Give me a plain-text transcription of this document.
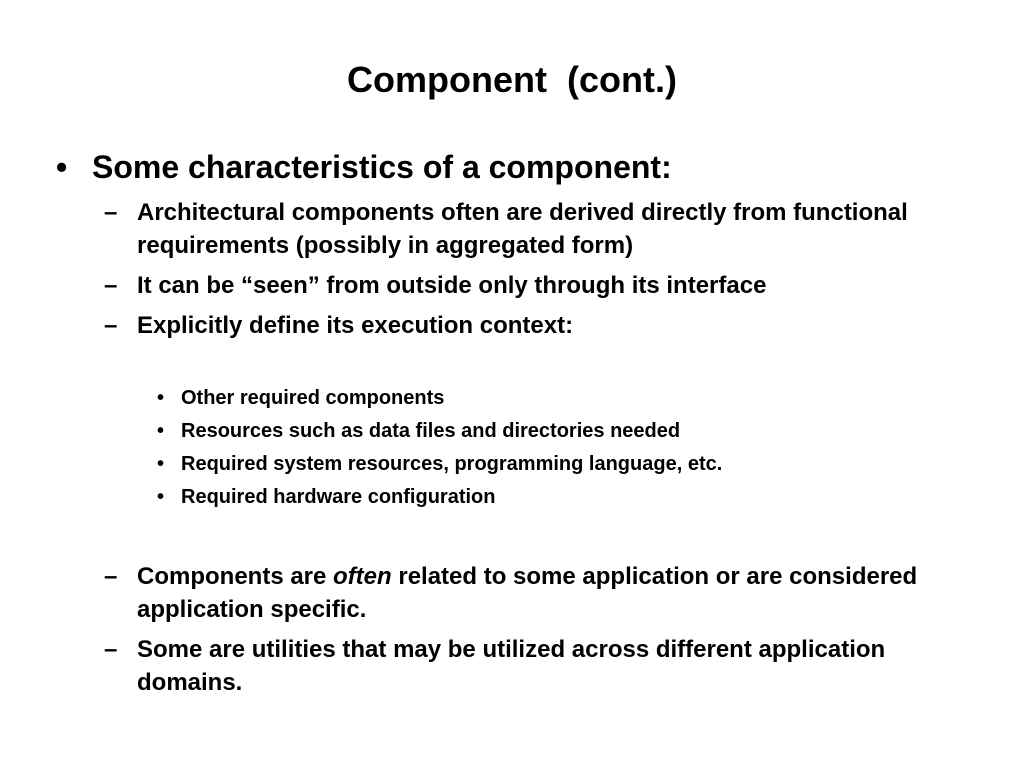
Component  (cont.)
• Some characteristics of a component:
– Architectural components often are derived directly from functional requirements (possibly in aggregated form)
– It can be “seen” from outside only through its interface
– Explicitly define its execution context:
• Other required components
• Resources such as data files and directories needed
• Required system resources, programming language, etc.
• Required hardware configuration
– Components are often related to some application or are considered application specific.
– Some are utilities that may be utilized across different application domains.
